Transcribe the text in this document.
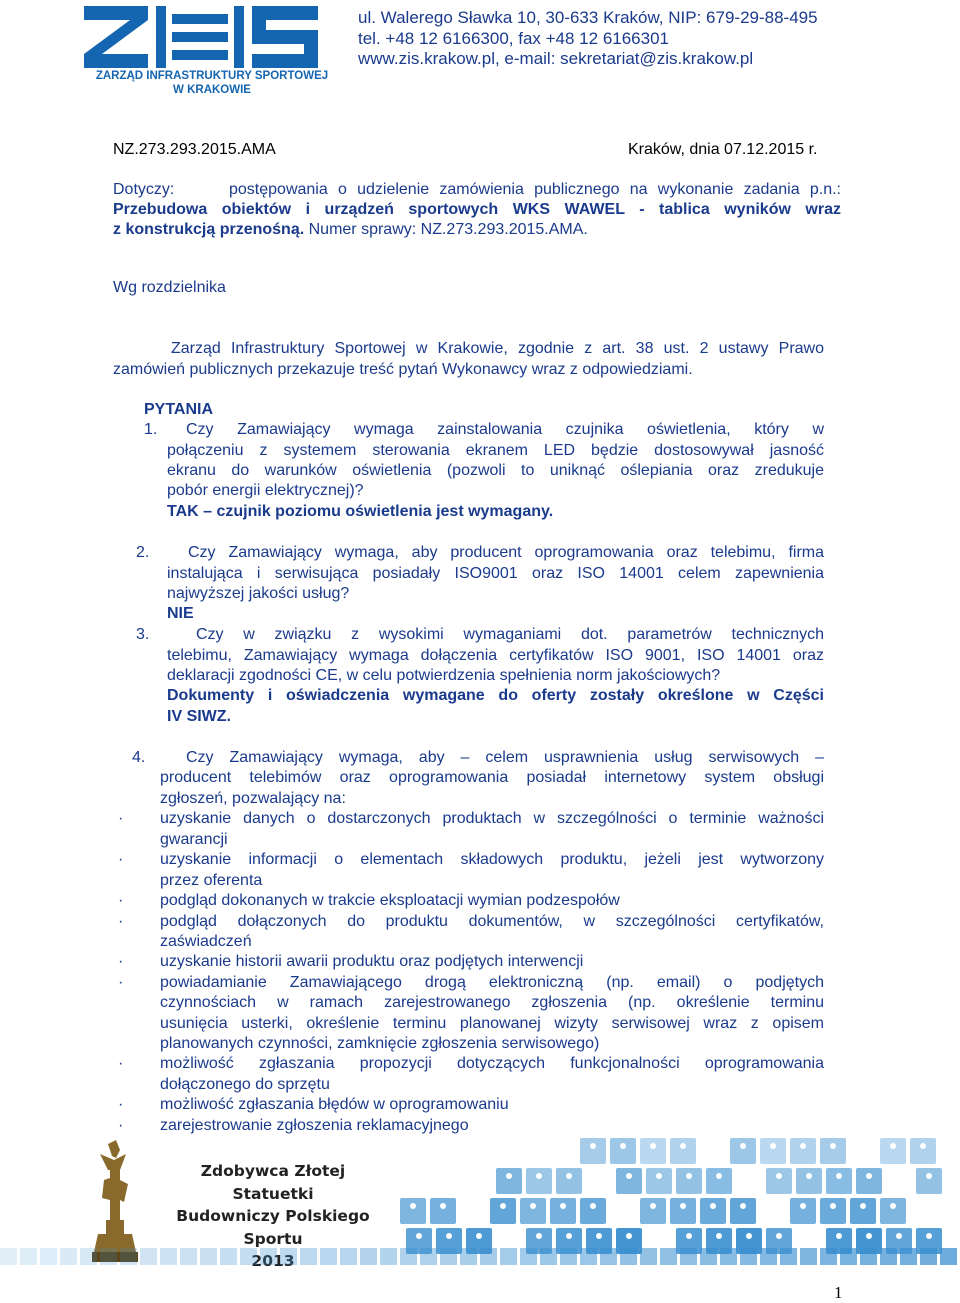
ZARZĄD INFRASTRUKTURY SPORTOWEJ
W KRAKOWIE
ul. Walerego Sławka 10, 30-633 Kraków, NIP: 679-29-88-495
tel. +48 12 6166300, fax +48 12 6166301
www.zis.krakow.pl, e-mail: sekretariat@zis.krakow.pl
NZ.273.293.2015.AMA	Kraków, dnia 07.12.2015 r.
Dotyczy:	postępowania o udzielenie zamówienia publicznego na wykonanie zadania p.n.:
Przebudowa obiektów i urządzeń sportowych WKS WAWEL - tablica wyników wraz
z konstrukcją przenośną. Numer sprawy: NZ.273.293.2015.AMA.
Wg rozdzielnika
Zarząd Infrastruktury Sportowej w Krakowie, zgodnie z art. 38 ust. 2 ustawy Prawo
zamówień publicznych przekazuje treść pytań Wykonawcy wraz z odpowiedziami.
PYTANIA
1. Czy Zamawiający wymaga zainstalowania czujnika oświetlenia, który w
połączeniu z systemem sterowania ekranem LED będzie dostosowywał jasność
ekranu do warunków oświetlenia (pozwoli to uniknąć oślepiania oraz zredukuje
pobór energii elektrycznej)?
TAK – czujnik poziomu oświetlenia jest wymagany.
2. Czy Zamawiający wymaga, aby producent oprogramowania oraz telebimu, firma
instalująca i serwisująca posiadały ISO9001 oraz ISO 14001 celem zapewnienia
najwyższej jakości usług?
NIE
3.	Czy w związku z wysokimi wymaganiami dot. parametrów technicznych
telebimu, Zamawiający wymaga dołączenia certyfikatów ISO 9001, ISO 14001 oraz
deklaracji zgodności CE, w celu potwierdzenia spełnienia norm jakościowych?
Dokumenty i oświadczenia wymagane do oferty zostały określone w Części
IV SIWZ.
4.	Czy Zamawiający wymaga, aby – celem usprawnienia usług serwisowych –
producent telebimów oraz oprogramowania posiadał internetowy system obsługi
zgłoszeń, pozwalający na:
· uzyskanie danych o dostarczonych produktach w szczególności o terminie ważności
gwarancji
· uzyskanie informacji o elementach składowych produktu, jeżeli jest wytworzony
przez oferenta
· podgląd dokonanych w trakcie eksploatacji wymian podzespołów
· podgląd dołączonych do produktu dokumentów, w szczególności certyfikatów,
zaświadczeń
· uzyskanie historii awarii produktu oraz podjętych interwencji
· powiadamianie Zamawiającego drogą elektroniczną (np. email) o podjętych
czynnościach w ramach zarejestrowanego zgłoszenia (np. określenie terminu
usunięcia usterki, określenie terminu planowanej wizyty serwisowej wraz z opisem
planowanych czynności, zamknięcie zgłoszenia serwisowego)
· możliwość zgłaszania propozycji dotyczących funkcjonalności oprogramowania
dołączonego do sprzętu
· możliwość zgłaszania błędów w oprogramowaniu
· zarejestrowanie zgłoszenia reklamacyjnego
Zdobywca Złotej Statuetki
Budowniczy Polskiego Sportu
2013
1
